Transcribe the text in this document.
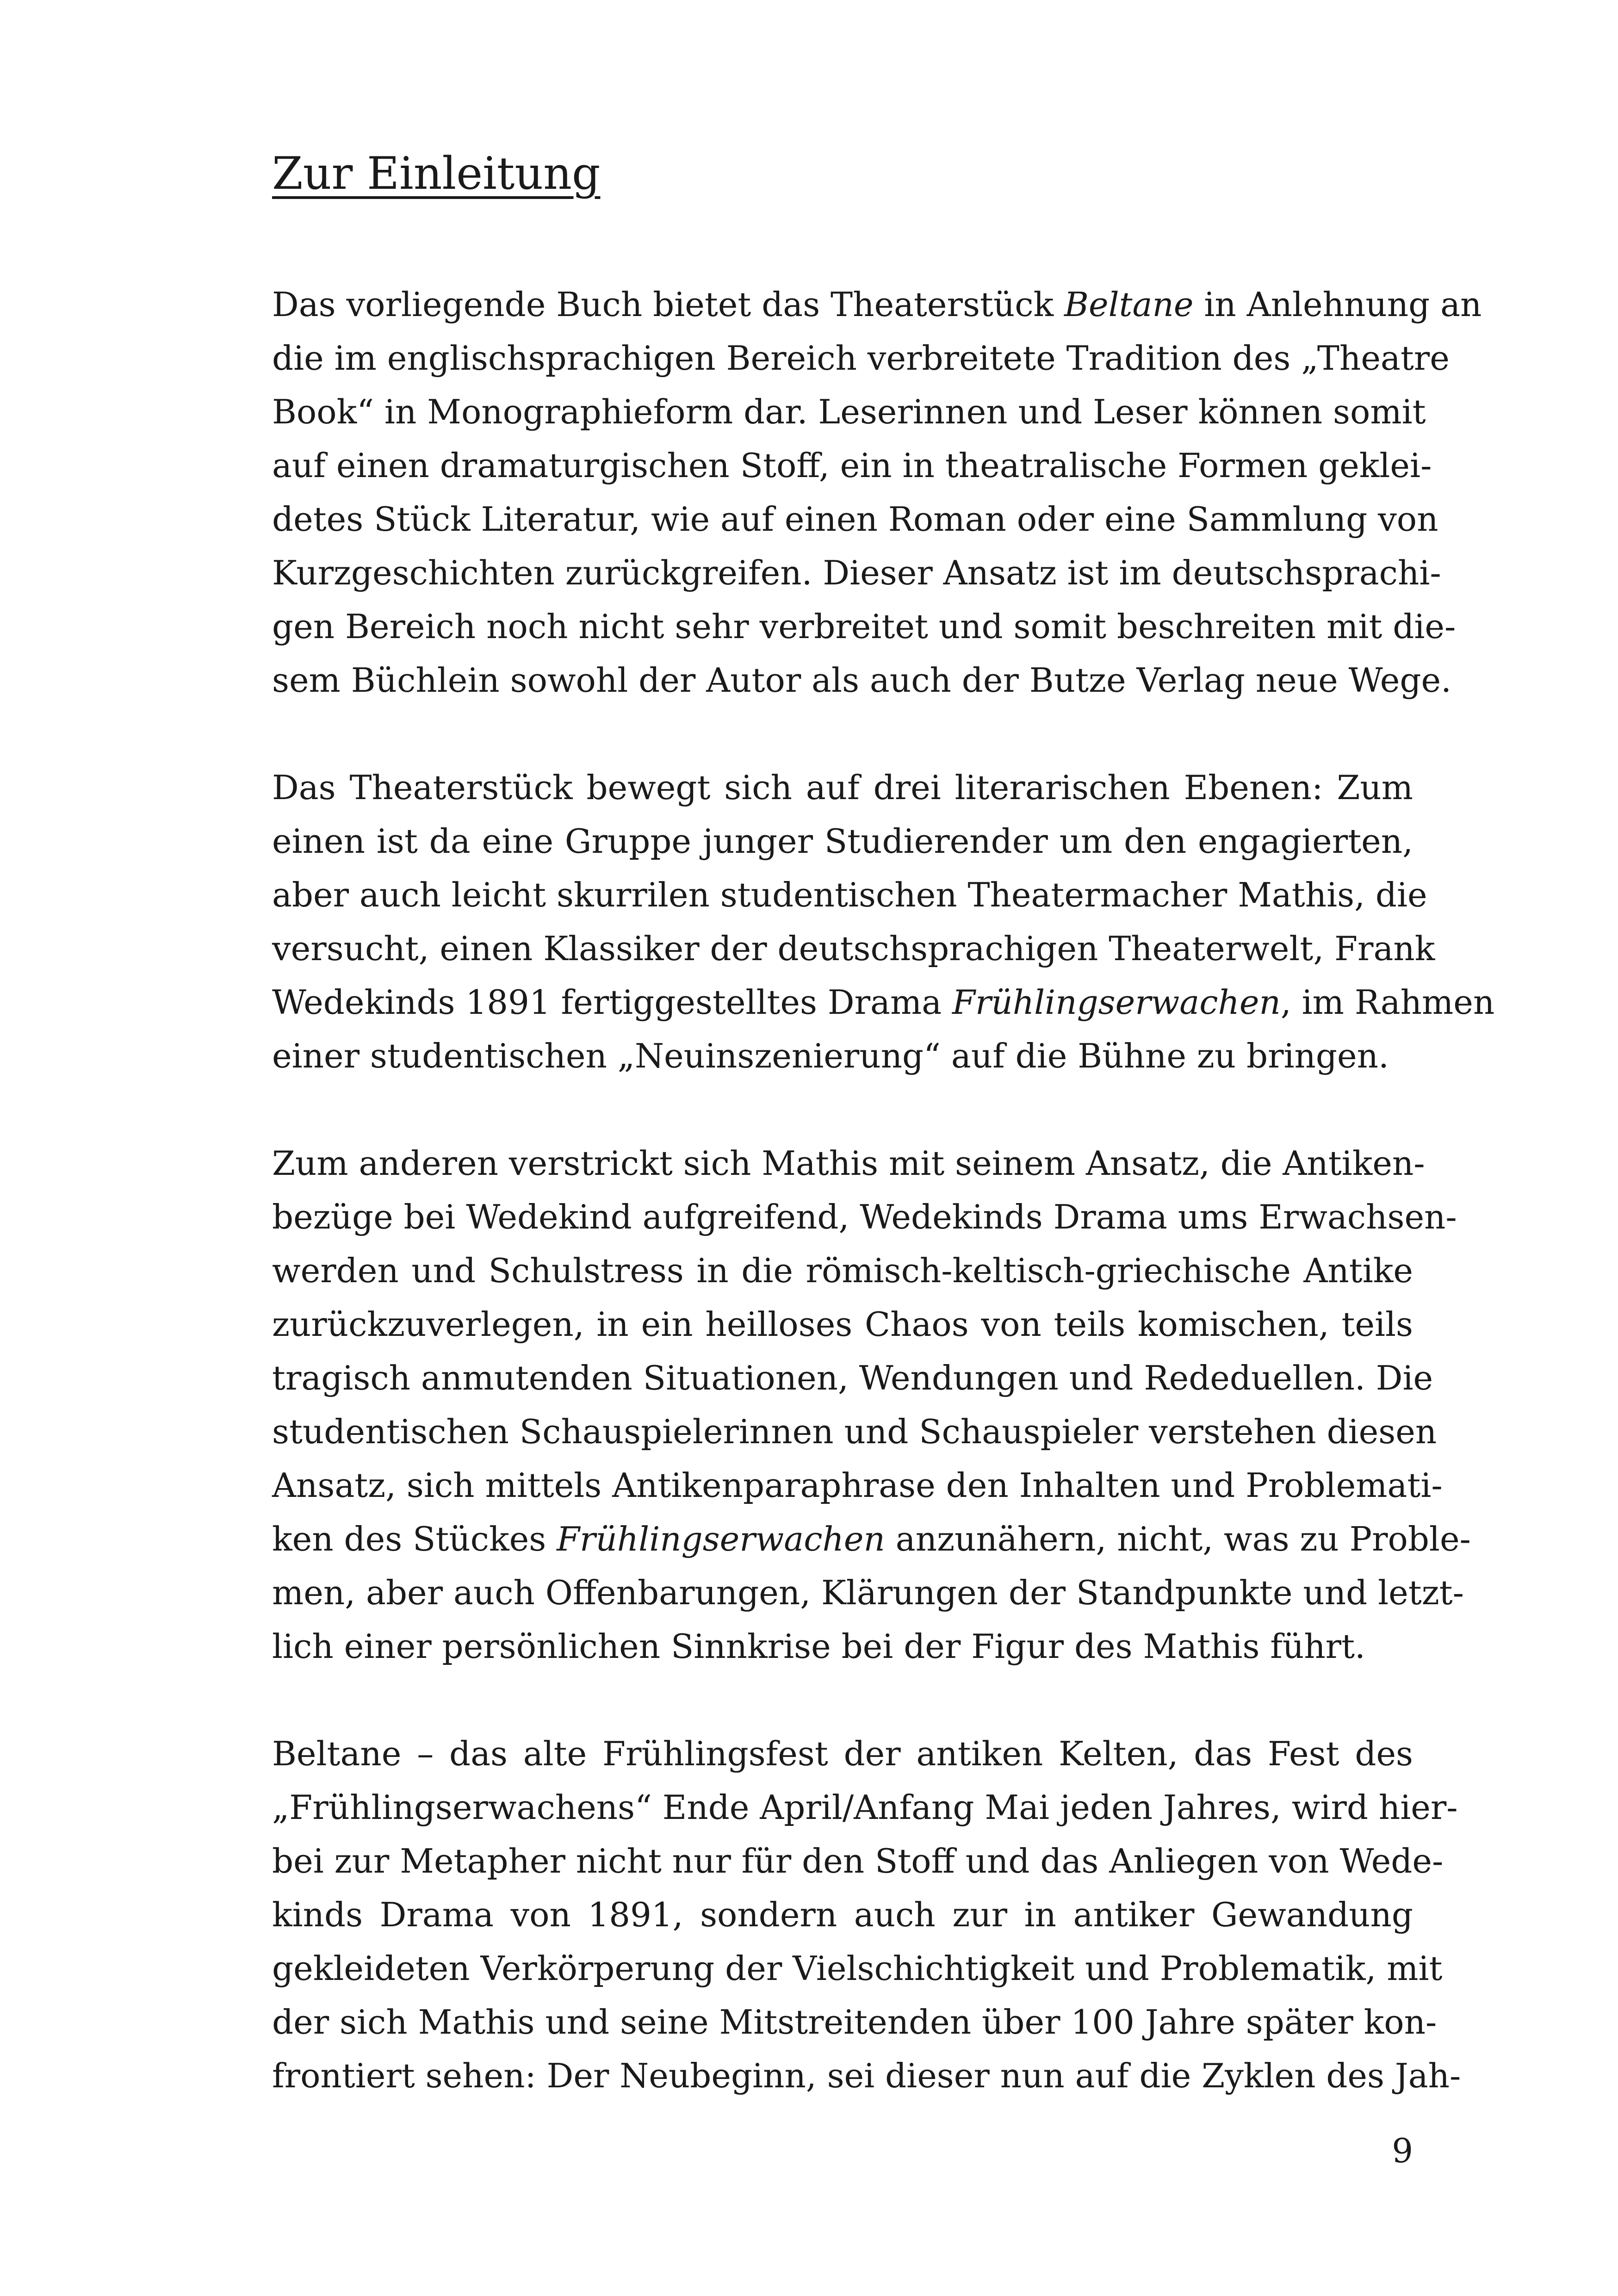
Zur Einleitung

Das vorliegende Buch bietet das Theaterstück Beltane in Anlehnung an
die im englischsprachigen Bereich verbreitete Tradition des „Theatre
Book“ in Monographieform dar. Leserinnen und Leser können somit
auf einen dramaturgischen Stoff, ein in theatralische Formen geklei-
detes Stück Literatur, wie auf einen Roman oder eine Sammlung von
Kurzgeschichten zurückgreifen. Dieser Ansatz ist im deutschsprachi-
gen Bereich noch nicht sehr verbreitet und somit beschreiten mit die-
sem Büchlein sowohl der Autor als auch der Butze Verlag neue Wege.

Das Theaterstück bewegt sich auf drei literarischen Ebenen: Zum
einen ist da eine Gruppe junger Studierender um den engagierten,
aber auch leicht skurrilen studentischen Theatermacher Mathis, die
versucht, einen Klassiker der deutschsprachigen Theaterwelt, Frank
Wedekinds 1891 fertiggestelltes Drama Frühlingserwachen, im Rahmen
einer studentischen „Neuinszenierung“ auf die Bühne zu bringen.

Zum anderen verstrickt sich Mathis mit seinem Ansatz, die Antiken-
bezüge bei Wedekind aufgreifend, Wedekinds Drama ums Erwachsen-
werden und Schulstress in die römisch-keltisch-griechische Antike
zurückzuverlegen, in ein heilloses Chaos von teils komischen, teils
tragisch anmutenden Situationen, Wendungen und Rededuellen. Die
studentischen Schauspielerinnen und Schauspieler verstehen diesen
Ansatz, sich mittels Antikenparaphrase den Inhalten und Problemati-
ken des Stückes Frühlingserwachen anzunähern, nicht, was zu Proble-
men, aber auch Offenbarungen, Klärungen der Standpunkte und letzt-
lich einer persönlichen Sinnkrise bei der Figur des Mathis führt.

Beltane – das alte Frühlingsfest der antiken Kelten, das Fest des
„Frühlingserwachens“ Ende April/Anfang Mai jeden Jahres, wird hier-
bei zur Metapher nicht nur für den Stoff und das Anliegen von Wede-
kinds Drama von 1891, sondern auch zur in antiker Gewandung
gekleideten Verkörperung der Vielschichtigkeit und Problematik, mit
der sich Mathis und seine Mitstreitenden über 100 Jahre später kon-
frontiert sehen: Der Neubeginn, sei dieser nun auf die Zyklen des Jah-

9
